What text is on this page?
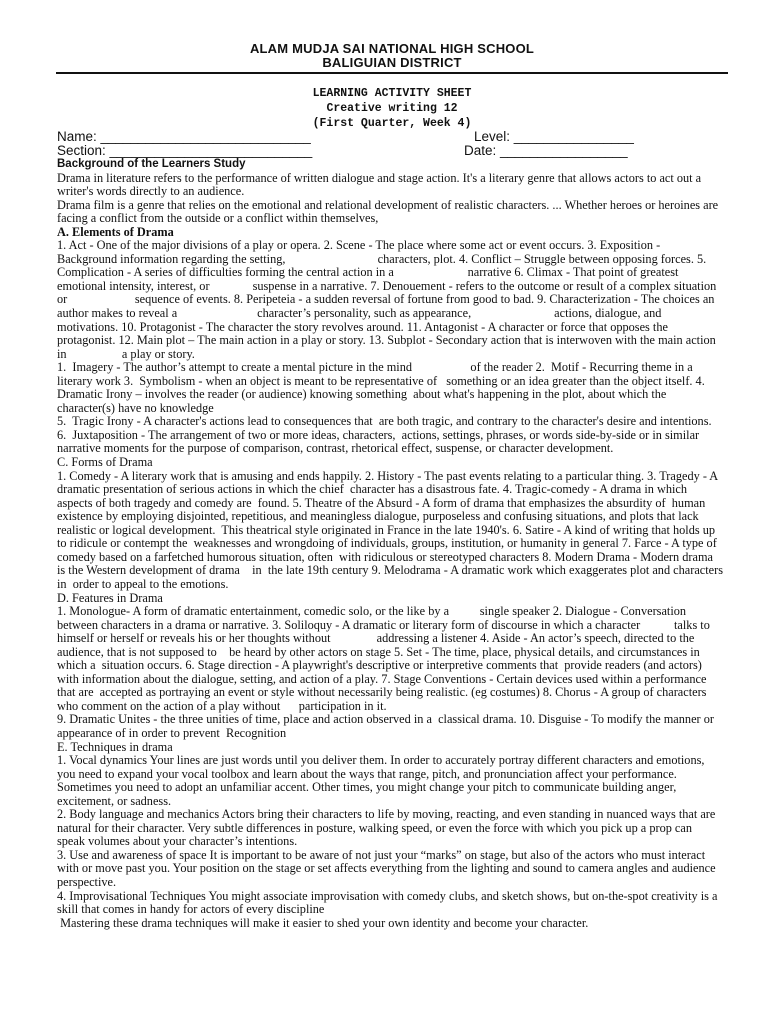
ALAM MUDJA SAI NATIONAL HIGH SCHOOL
BALIGUIAN DISTRICT
LEARNING ACTIVITY SHEET
Creative writing 12
(First Quarter, Week 4)
Name: ____________________________	Level: ________________
Section: ___________________________	Date: _________________

Background of the Learners Study

Drama in literature refers to the performance of written dialogue and stage action. It's a literary genre that allows actors to act out a writer's words directly to an audience.

Drama film is a genre that relies on the emotional and relational development of realistic characters. ... Whether heroes or heroines are facing a conflict from the outside or a conflict within themselves,

A. Elements of Drama

1. Act - One of the major divisions of a play or opera. 2. Scene - The place where some act or event occurs. 3. Exposition - Background information regarding the setting,                              characters, plot. 4. Conflict – Struggle between opposing forces. 5. Complication - A series of difficulties forming the central action in a                        narrative 6. Climax - That point of greatest emotional intensity, interest, or              suspense in a narrative. 7. Denouement - refers to the outcome or result of a complex situation or                      sequence of events. 8. Peripeteia - a sudden reversal of fortune from good to bad. 9. Characterization - The choices an author makes to reveal a                          character’s personality, such as appearance,                           actions, dialogue, and motivations. 10. Protagonist - The character the story revolves around. 11. Antagonist - A character or force that opposes the protagonist. 12. Main plot – The main action in a play or story. 13. Subplot - Secondary action that is interwoven with the main action in                  a play or story.

1.  Imagery - The author’s attempt to create a mental picture in the mind                   of the reader 2.  Motif - Recurring theme in a literary work 3.  Symbolism - when an object is meant to be representative of   something or an idea greater than the object itself. 4.  Dramatic Irony – involves the reader (or audience) knowing something  about what's happening in the plot, about which the character(s) have no knowledge

5.  Tragic Irony - A character's actions lead to consequences that  are both tragic, and contrary to the character's desire and intentions. 6.  Juxtaposition - The arrangement of two or more ideas, characters,  actions, settings, phrases, or words side-by-side or in similar narrative moments for the purpose of comparison, contrast, rhetorical effect, suspense, or character development.

C. Forms of Drama

1. Comedy - A literary work that is amusing and ends happily. 2. History - The past events relating to a particular thing. 3. Tragedy - A dramatic presentation of serious actions in which the chief  character has a disastrous fate. 4. Tragic-comedy - A drama in which aspects of both tragedy and comedy are  found. 5. Theatre of the Absurd - A form of drama that emphasizes the absurdity of  human existence by employing disjointed, repetitious, and meaningless dialogue, purposeless and confusing situations, and plots that lack realistic or logical development.  This theatrical style originated in France in the late 1940's. 6. Satire - A kind of writing that holds up to ridicule or contempt the  weaknesses and wrongdoing of individuals, groups, institution, or humanity in general 7. Farce - A type of comedy based on a farfetched humorous situation, often  with ridiculous or stereotyped characters 8. Modern Drama - Modern drama is the Western development of drama    in  the late 19th century 9. Melodrama - A dramatic work which exaggerates plot and characters in  order to appeal to the emotions.

D. Features in Drama

1. Monologue- A form of dramatic entertainment, comedic solo, or the like by a          single speaker 2. Dialogue - Conversation between characters in a drama or narrative. 3. Soliloquy - A dramatic or literary form of discourse in which a character           talks to himself or herself or reveals his or her thoughts without               addressing a listener 4. Aside - An actor’s speech, directed to the audience, that is not supposed to    be heard by other actors on stage 5. Set - The time, place, physical details, and circumstances in which a  situation occurs. 6. Stage direction - A playwright's descriptive or interpretive comments that  provide readers (and actors) with information about the dialogue, setting, and action of a play. 7. Stage Conventions - Certain devices used within a performance that are  accepted as portraying an event or style without necessarily being realistic. (eg costumes) 8. Chorus - A group of characters who comment on the action of a play without      participation in it.

9. Dramatic Unites - the three unities of time, place and action observed in a  classical drama. 10. Disguise - To modify the manner or appearance of in order to prevent  Recognition

E. Techniques in drama

1. Vocal dynamics Your lines are just words until you deliver them. In order to accurately portray different characters and emotions, you need to expand your vocal toolbox and learn about the ways that range, pitch, and pronunciation affect your performance. Sometimes you need to adopt an unfamiliar accent. Other times, you might change your pitch to communicate building anger, excitement, or sadness.

2. Body language and mechanics Actors bring their characters to life by moving, reacting, and even standing in nuanced ways that are natural for their character. Very subtle differences in posture, walking speed, or even the force with which you pick up a prop can speak volumes about your character’s intentions.

3. Use and awareness of space It is important to be aware of not just your “marks” on stage, but also of the actors who must interact with or move past you. Your position on the stage or set affects everything from the lighting and sound to camera angles and audience perspective.

4. Improvisational Techniques You might associate improvisation with comedy clubs, and sketch shows, but on-the-spot creativity is a skill that comes in handy for actors of every discipline

Mastering these drama techniques will make it easier to shed your own identity and become your character.
